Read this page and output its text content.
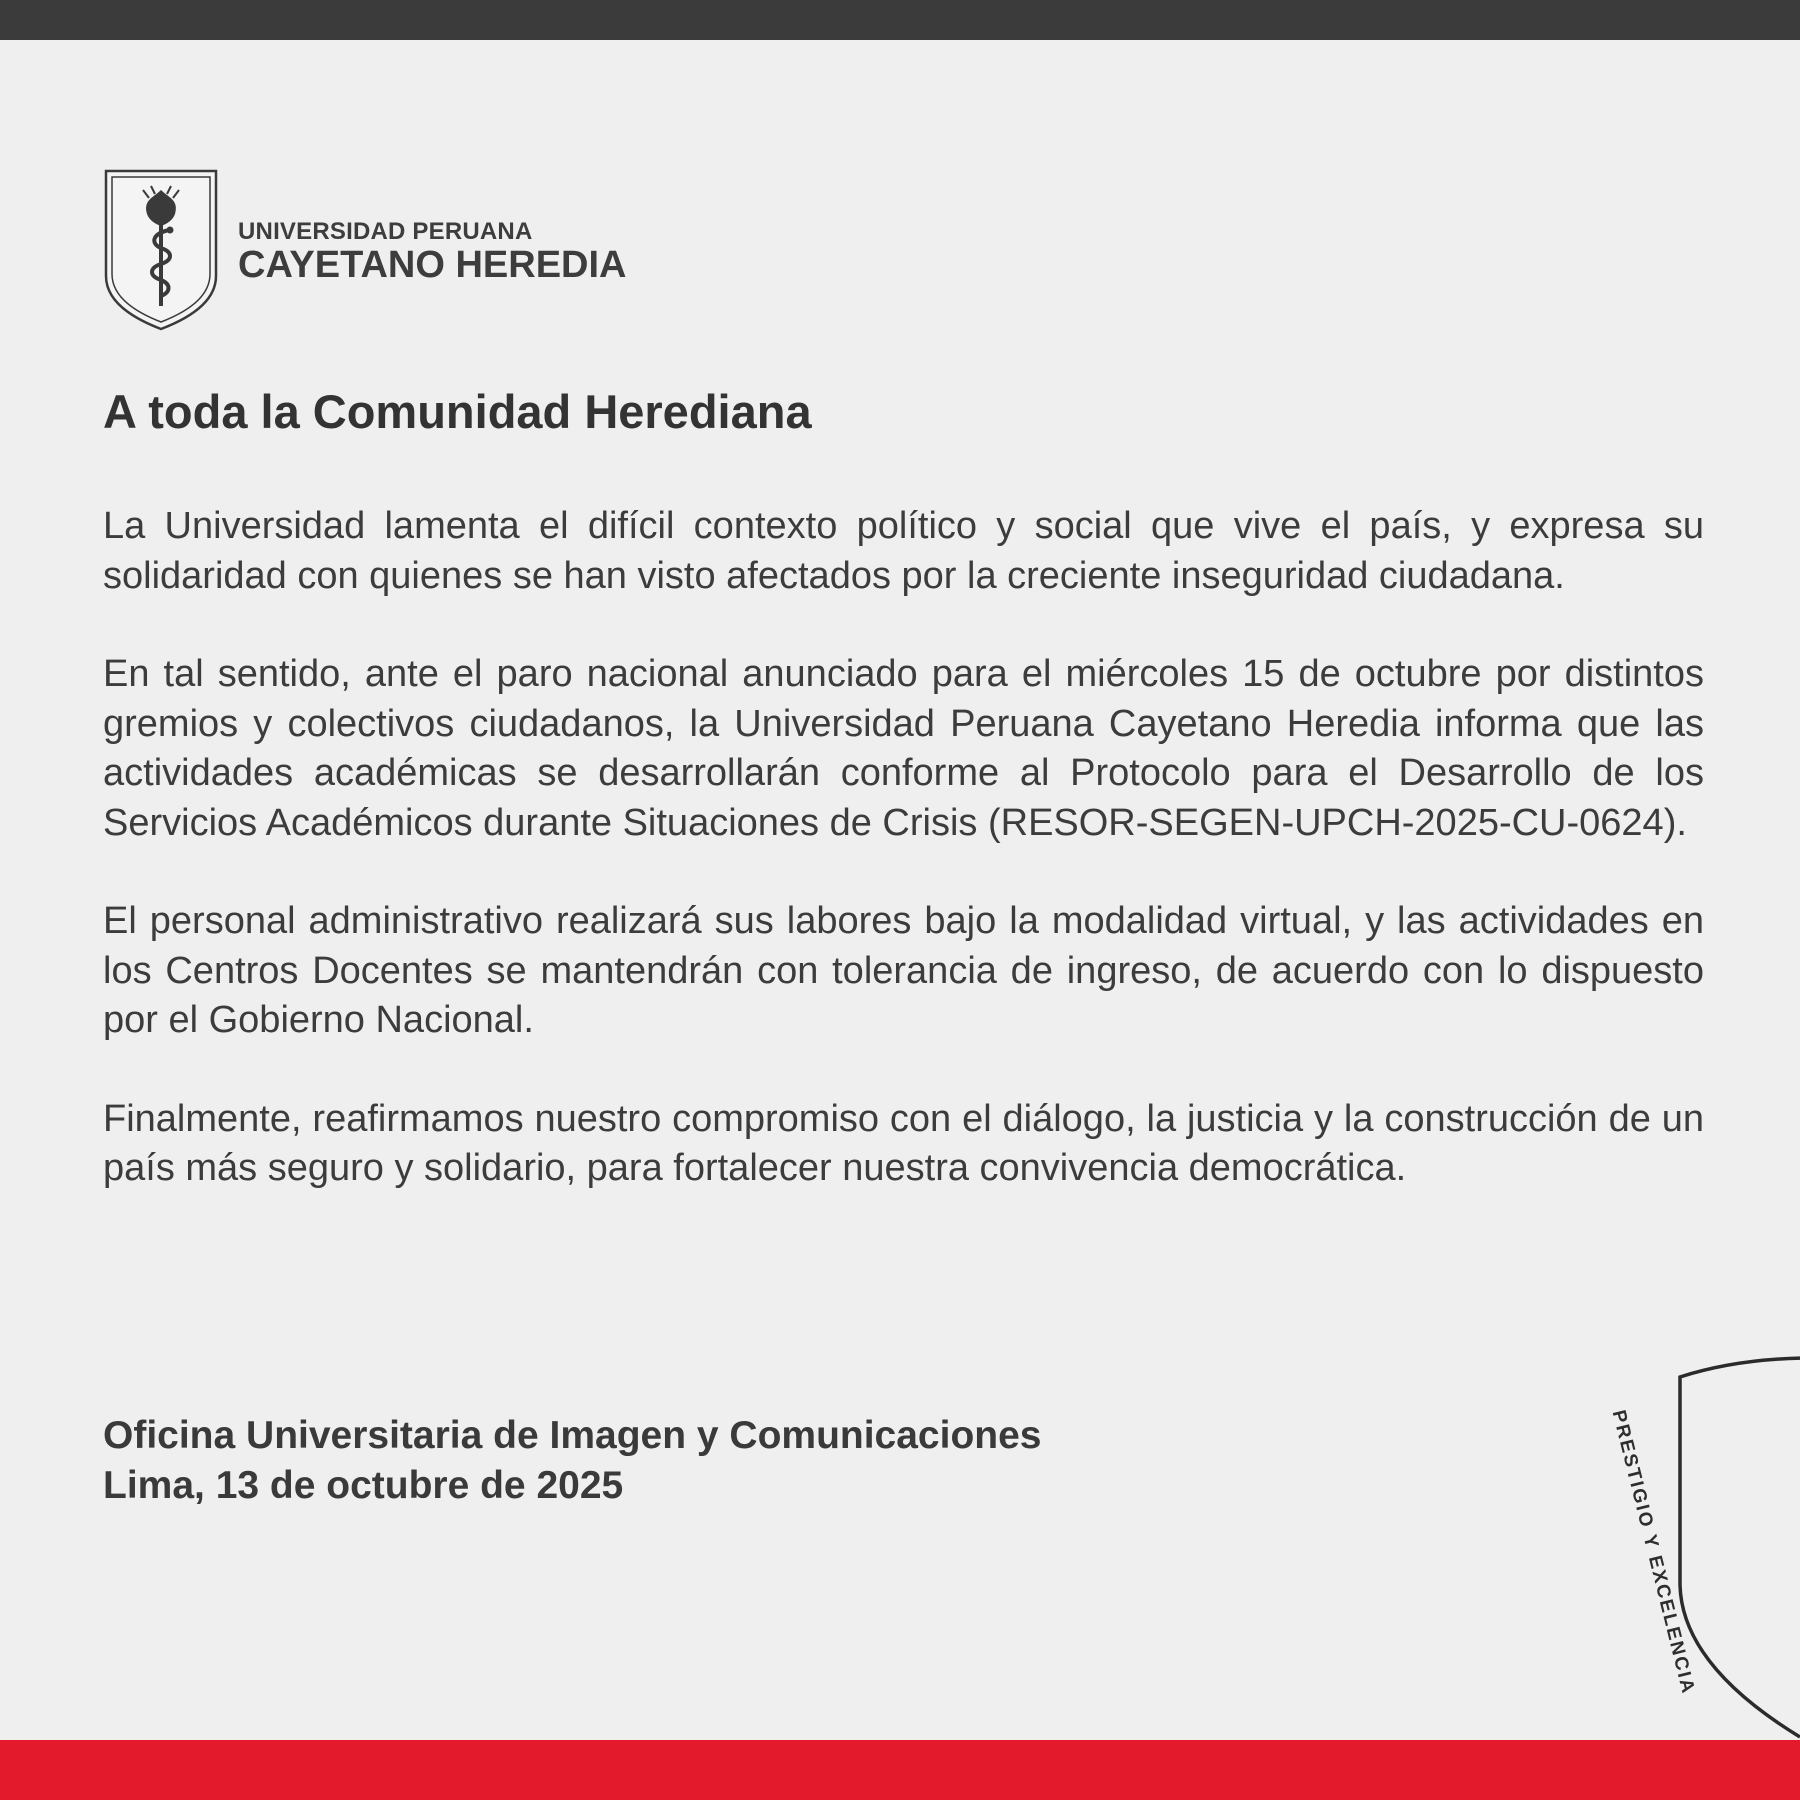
UNIVERSIDAD PERUANA
CAYETANO HEREDIA
A toda la Comunidad Herediana

La Universidad lamenta el difícil contexto político y social que vive el país, y expresa su solidaridad con quienes se han visto afectados por la creciente inseguridad ciudadana.

En tal sentido, ante el paro nacional anunciado para el miércoles 15 de octubre por distintos gremios y colectivos ciudadanos, la Universidad Peruana Cayetano Heredia informa que las actividades académicas se desarrollarán conforme al Protocolo para el Desarrollo de los Servicios Académicos durante Situaciones de Crisis (RESOR-SEGEN-UPCH-2025-CU-0624).

El personal administrativo realizará sus labores bajo la modalidad virtual, y las actividades en los Centros Docentes se mantendrán con tolerancia de ingreso, de acuerdo con lo dispuesto por el Gobierno Nacional.

Finalmente, reafirmamos nuestro compromiso con el diálogo, la justicia y la construcción de un país más seguro y solidario, para fortalecer nuestra convivencia democrática.

Oficina Universitaria de Imagen y Comunicaciones
Lima, 13 de octubre de 2025	PRESTIGIO Y EXCELENCIA
